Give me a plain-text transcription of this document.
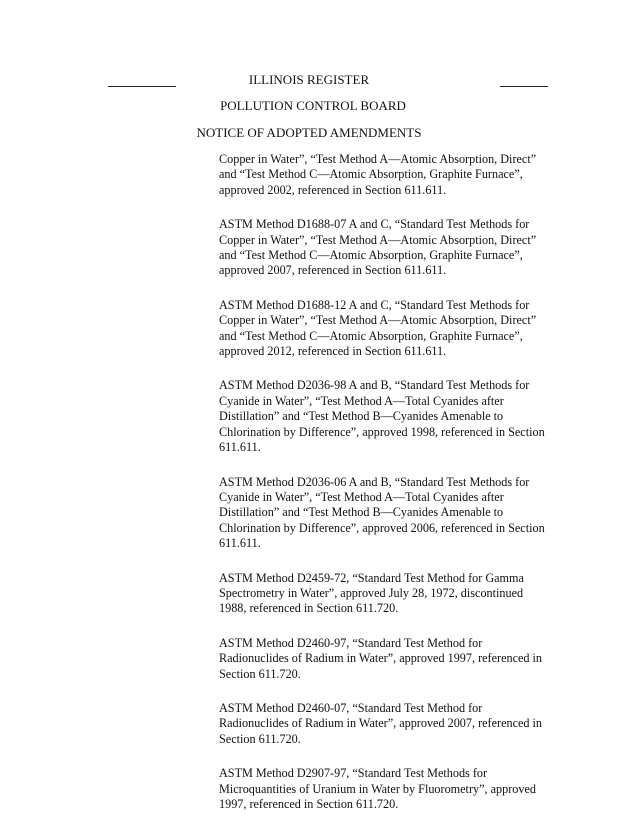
ILLINOIS REGISTER
POLLUTION CONTROL BOARD
NOTICE OF ADOPTED AMENDMENTS
Copper in Water”, “Test Method A—Atomic Absorption, Direct”
and “Test Method C—Atomic Absorption, Graphite Furnace”,
approved 2002, referenced in Section 611.611.
ASTM Method D1688-07 A and C, “Standard Test Methods for
Copper in Water”, “Test Method A—Atomic Absorption, Direct”
and “Test Method C—Atomic Absorption, Graphite Furnace”,
approved 2007, referenced in Section 611.611.
ASTM Method D1688-12 A and C, “Standard Test Methods for
Copper in Water”, “Test Method A—Atomic Absorption, Direct”
and “Test Method C—Atomic Absorption, Graphite Furnace”,
approved 2012, referenced in Section 611.611.
ASTM Method D2036-98 A and B, “Standard Test Methods for
Cyanide in Water”, “Test Method A—Total Cyanides after
Distillation” and “Test Method B—Cyanides Amenable to
Chlorination by Difference”, approved 1998, referenced in Section
611.611.
ASTM Method D2036-06 A and B, “Standard Test Methods for
Cyanide in Water”, “Test Method A—Total Cyanides after
Distillation” and “Test Method B—Cyanides Amenable to
Chlorination by Difference”, approved 2006, referenced in Section
611.611.
ASTM Method D2459-72, “Standard Test Method for Gamma
Spectrometry in Water”, approved July 28, 1972, discontinued
1988, referenced in Section 611.720.
ASTM Method D2460-97, “Standard Test Method for
Radionuclides of Radium in Water”, approved 1997, referenced in
Section 611.720.
ASTM Method D2460-07, “Standard Test Method for
Radionuclides of Radium in Water”, approved 2007, referenced in
Section 611.720.
ASTM Method D2907-97, “Standard Test Methods for
Microquantities of Uranium in Water by Fluorometry”, approved
1997, referenced in Section 611.720.
